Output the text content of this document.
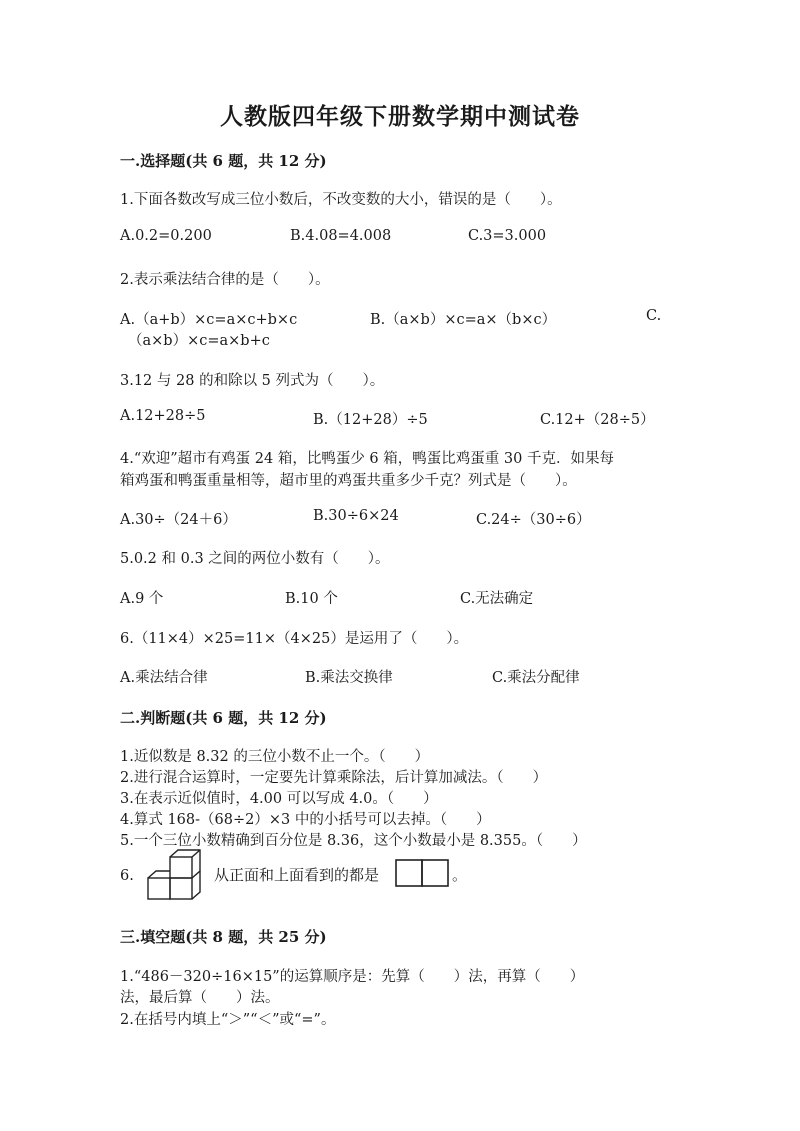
人教版四年级下册数学期中测试卷
一.选择题(共 6 题，共 12 分)
1.下面各数改写成三位小数后，不改变数的大小，错误的是（　　）。
A.0.2=0.200	B.4.08=4.008	C.3=3.000
2.表示乘法结合律的是（　　）。
A.（a+b）×c=a×c+b×c	B.（a×b）×c=a×（b×c）	C.
（a×b）×c=a×b+c
3.12 与 28 的和除以 5 列式为（　　）。
A.12+28÷5	B.（12+28）÷5	C.12+（28÷5）
4.“欢迎”超市有鸡蛋 24 箱，比鸭蛋少 6 箱，鸭蛋比鸡蛋重 30 千克．如果每
箱鸡蛋和鸭蛋重量相等，超市里的鸡蛋共重多少千克？列式是（　　）。
A.30÷（24＋6）	B.30÷6×24	C.24÷（30÷6）
5.0.2 和 0.3 之间的两位小数有（　　）。
A.9 个	B.10 个	C.无法确定
6.（11×4）×25=11×（4×25）是运用了（　　）。
A.乘法结合律	B.乘法交换律	C.乘法分配律
二.判断题(共 6 题，共 12 分)
1.近似数是 8.32 的三位小数不止一个。（　　）
2.进行混合运算时，一定要先计算乘除法，后计算加减法。（　　）
3.在表示近似值时，4.00 可以写成 4.0。（　　）
4.算式 168-（68÷2）×3 中的小括号可以去掉。（　　）
5.一个三位小数精确到百分位是 8.36，这个小数最小是 8.355。（　　）
6.	从正面和上面看到的都是	。
三.填空题(共 8 题，共 25 分)
1.“486－320÷16×15”的运算顺序是：先算（　　）法，再算（　　）
法，最后算（　　）法。
2.在括号内填上“＞”“＜”或“=”。
